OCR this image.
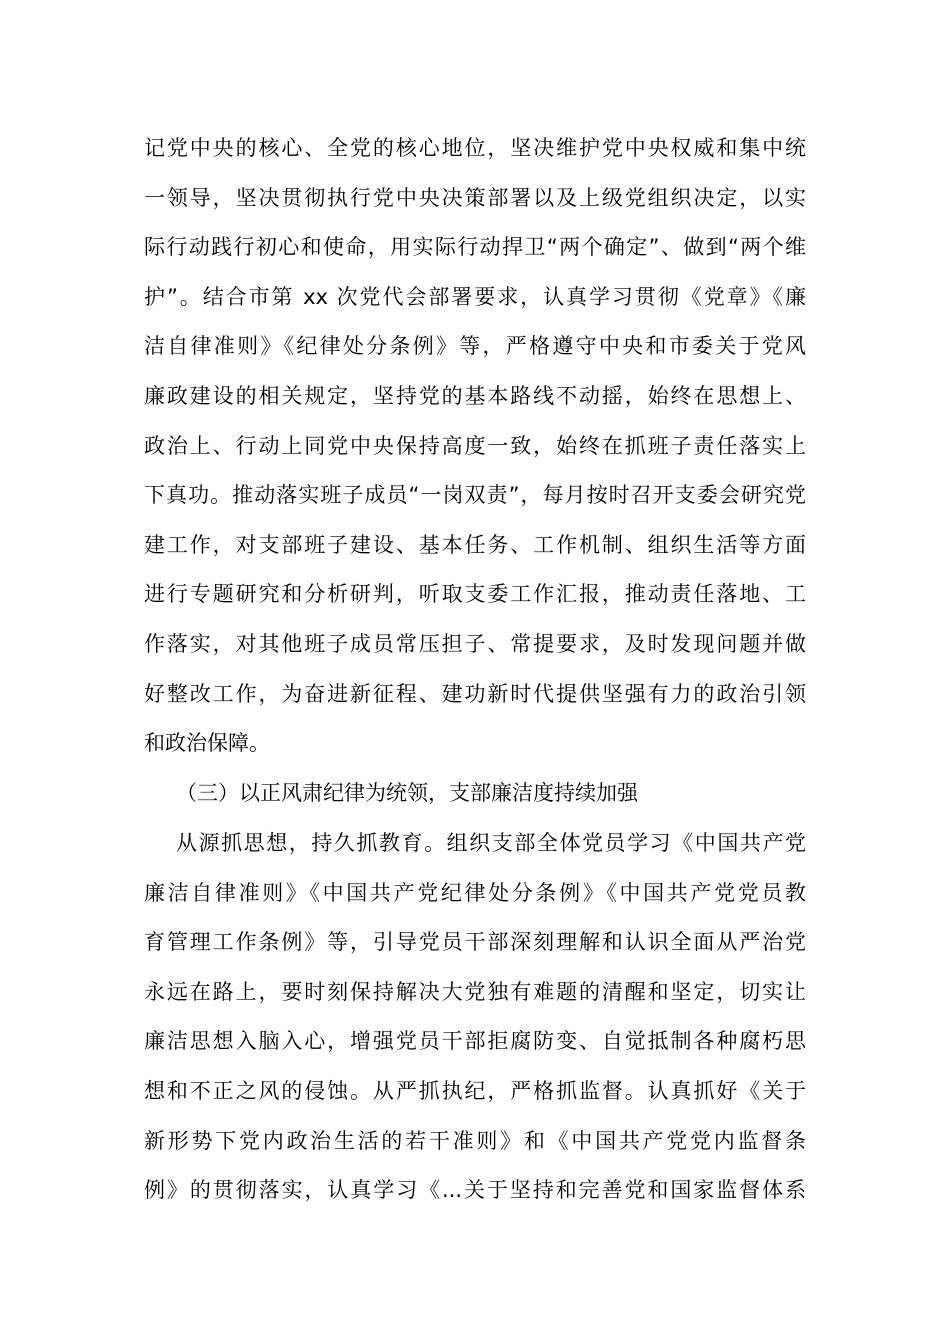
记党中央的核心、全党的核心地位，坚决维护党中央权威和集中统
一领导，坚决贯彻执行党中央决策部署以及上级党组织决定，以实
际行动践行初心和使命，用实际行动捍卫“两个确定”、做到“两个维
护”。结合市第 xx 次党代会部署要求，认真学习贯彻《党章》《廉
洁自律准则》《纪律处分条例》等，严格遵守中央和市委关于党风
廉政建设的相关规定，坚持党的基本路线不动摇，始终在思想上、
政治上、行动上同党中央保持高度一致，始终在抓班子责任落实上
下真功。推动落实班子成员“一岗双责”，每月按时召开支委会研究党
建工作，对支部班子建设、基本任务、工作机制、组织生活等方面
进行专题研究和分析研判，听取支委工作汇报，推动责任落地、工
作落实，对其他班子成员常压担子、常提要求，及时发现问题并做
好整改工作，为奋进新征程、建功新时代提供坚强有力的政治引领
和政治保障。
（三）以正风肃纪律为统领，支部廉洁度持续加强
从源抓思想，持久抓教育。组织支部全体党员学习《中国共产党
廉洁自律准则》《中国共产党纪律处分条例》《中国共产党党员教
育管理工作条例》等，引导党员干部深刻理解和认识全面从严治党
永远在路上，要时刻保持解决大党独有难题的清醒和坚定，切实让
廉洁思想入脑入心，增强党员干部拒腐防变、自觉抵制各种腐朽思
想和不正之风的侵蚀。从严抓执纪，严格抓监督。认真抓好《关于
新形势下党内政治生活的若干准则》和《中国共产党党内监督条
例》的贯彻落实，认真学习《...关于坚持和完善党和国家监督体系
